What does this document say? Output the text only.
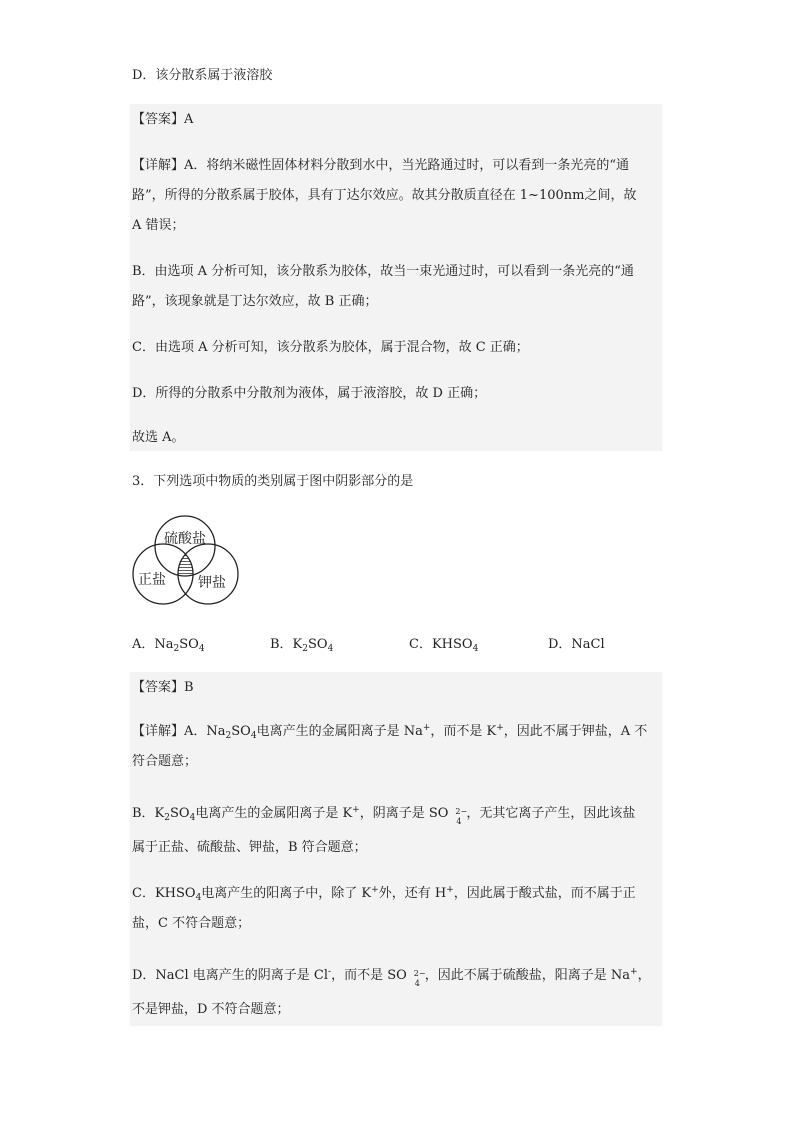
D．该分散系属于液溶胶
【答案】A
【详解】A．将纳米磁性固体材料分散到水中，当光路通过时，可以看到一条光亮的“通
路”，所得的分散系属于胶体，具有丁达尔效应。故其分散质直径在 1~100nm之间，故
A 错误；
B．由选项 A 分析可知，该分散系为胶体，故当一束光通过时，可以看到一条光亮的“通
路”，该现象就是丁达尔效应，故 B 正确；
C．由选项 A 分析可知，该分散系为胶体，属于混合物，故 C 正确；
D．所得的分散系中分散剂为液体，属于液溶胶，故 D 正确；
故选 A。
3．下列选项中物质的类别属于图中阴影部分的是
硫酸盐
正盐 钾盐
A．$Na_2SO_4$	B．$K_2SO_4$	C．$KHSO_4$	D．NaCl
【答案】B
【详解】A．$Na_2SO_4$电离产生的金属阳离子是 Na+，而不是 K+，因此不属于钾盐，A 不
符合题意；
B．$K_2SO_4$电离产生的金属阳离子是 K+，阴离子是 SO 2−
4
，无其它离子产生，因此该盐
属于正盐、硫酸盐、钾盐，B 符合题意；
C．$KHSO_4$电离产生的阳离子中，除了 K+外，还有 H+，因此属于酸式盐，而不属于正
盐，C 不符合题意；
D．NaCl 电离产生的阴离子是 Cl-，而不是 SO 2−
4
，因此不属于硫酸盐，阳离子是 Na+，
不是钾盐，D 不符合题意；
